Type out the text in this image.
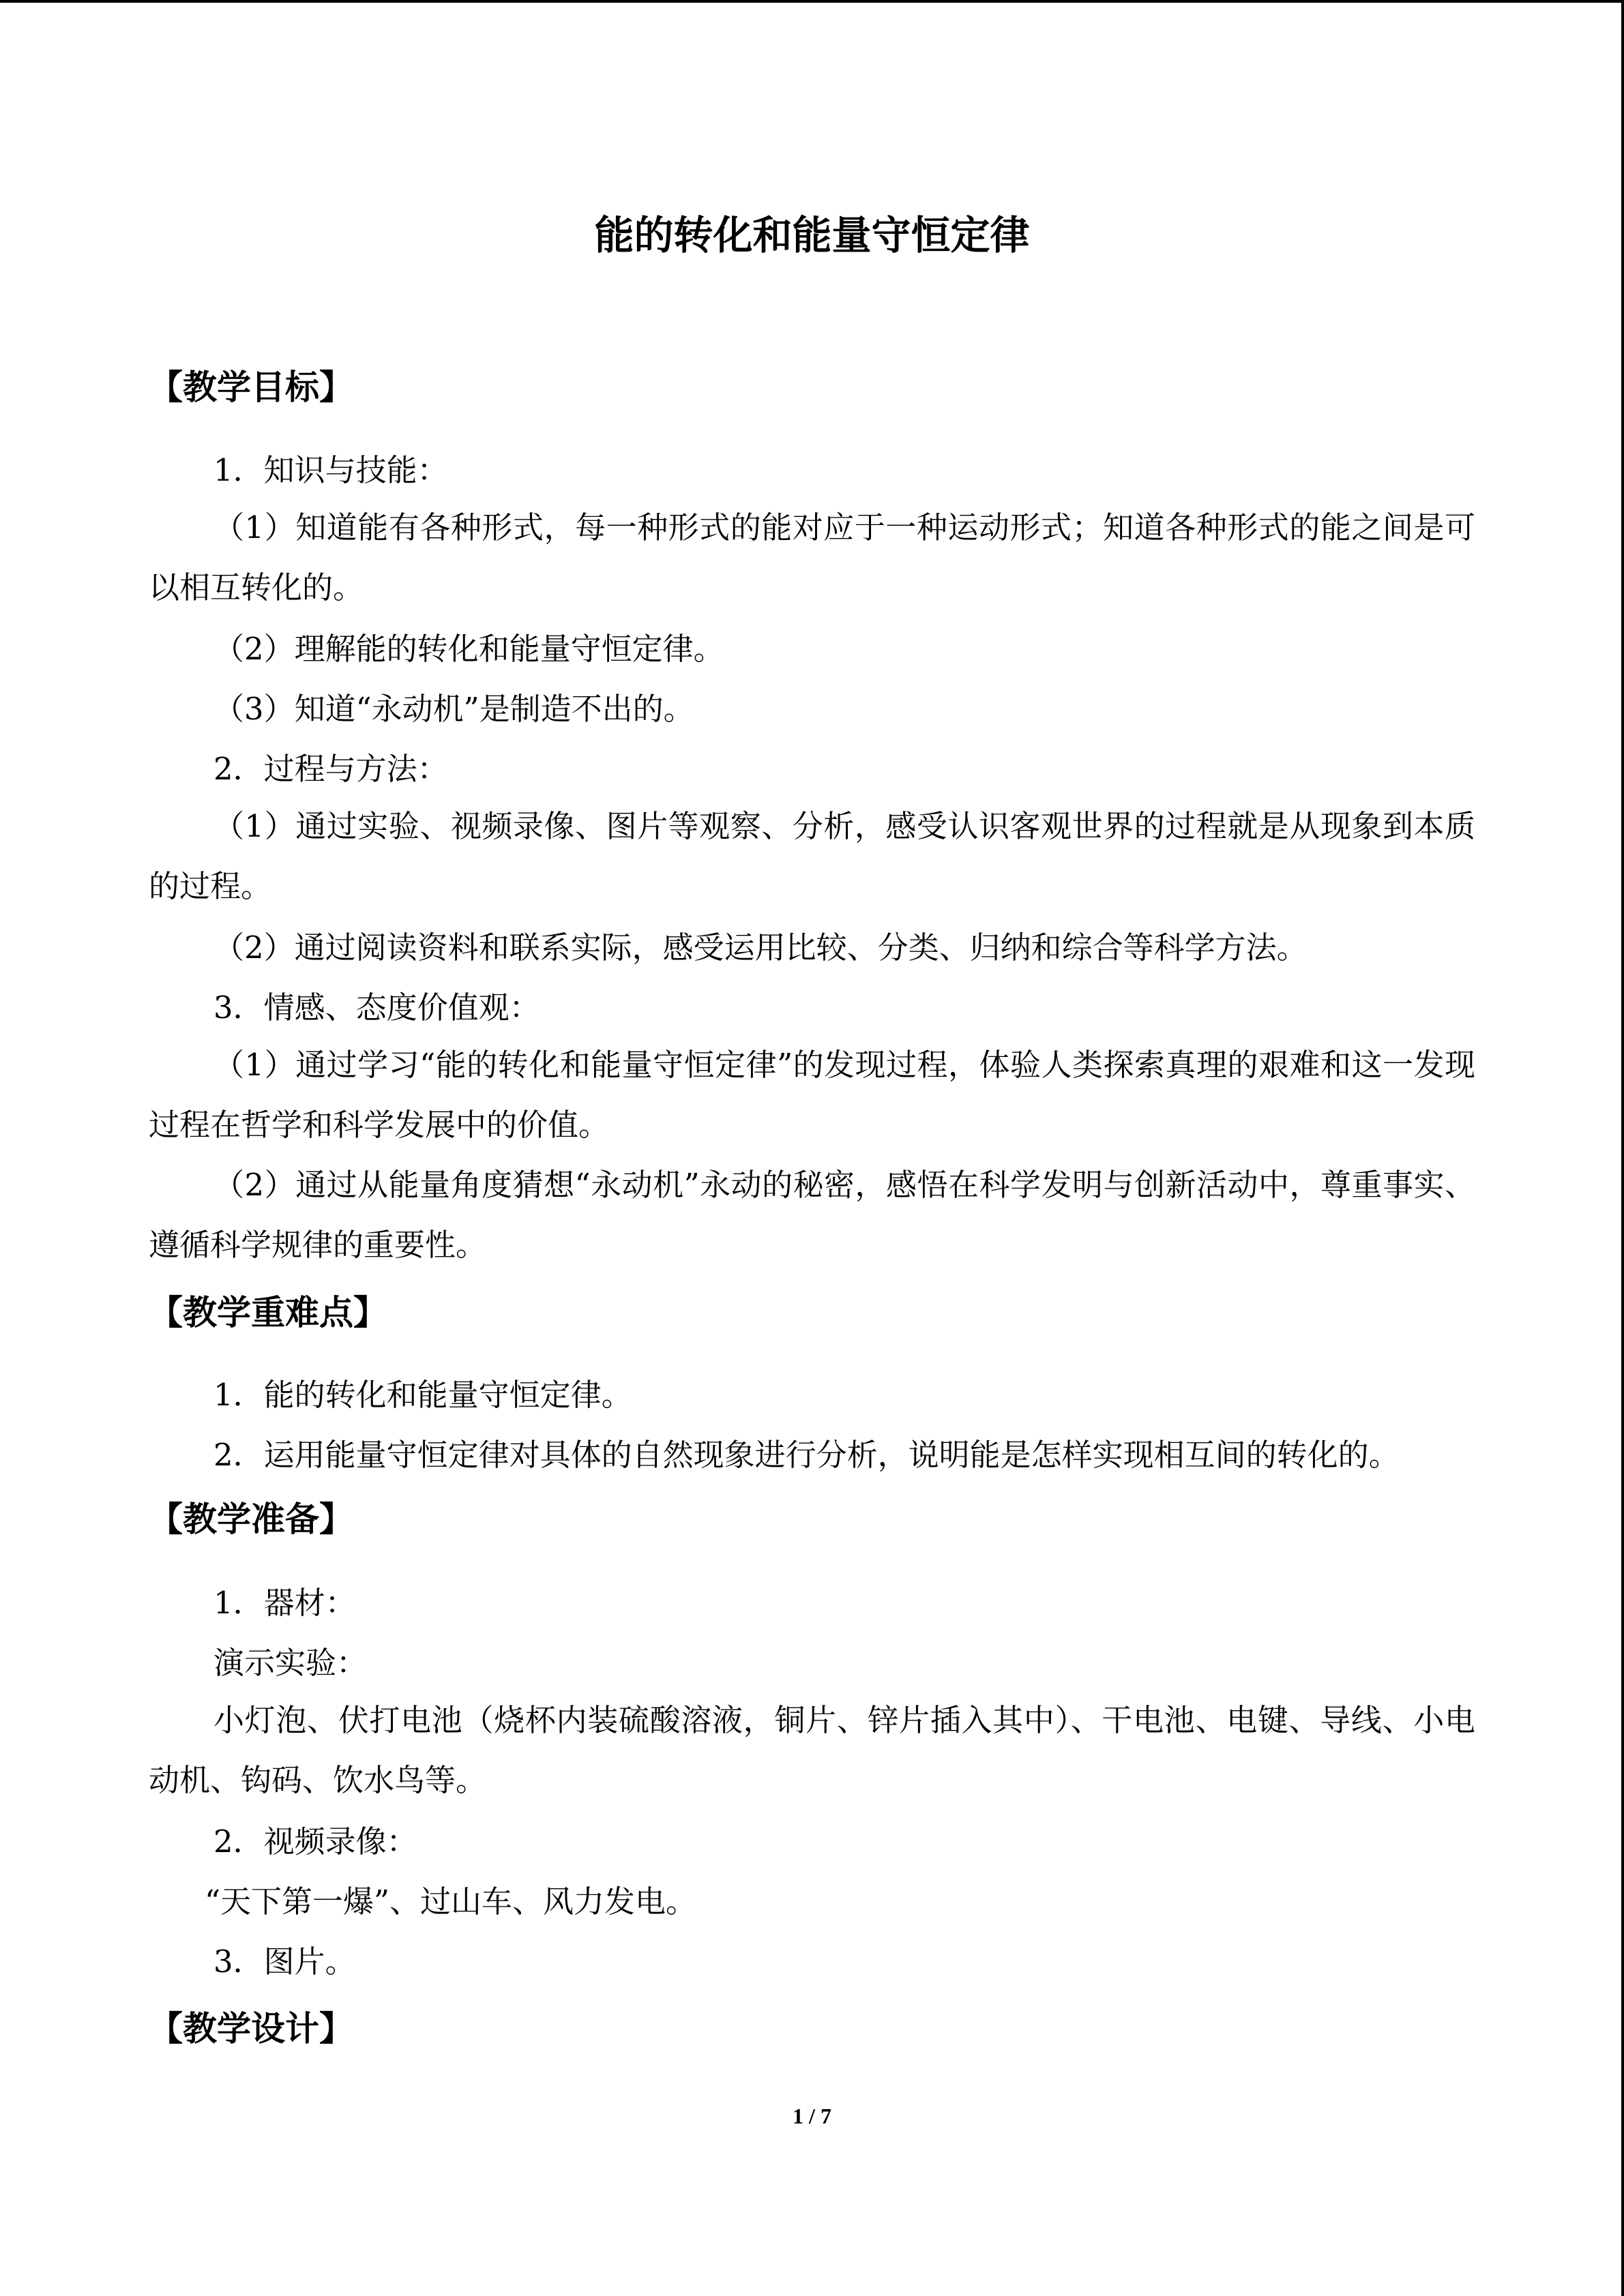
能的转化和能量守恒定律
【教学目标】

1．知识与技能：

（1）知道能有各种形式，每一种形式的能对应于一种运动形式；知道各种形式的能之间是可以相互转化的。

（2）理解能的转化和能量守恒定律。

（3）知道“永动机”是制造不出的。

2．过程与方法：

（1）通过实验、视频录像、图片等观察、分析，感受认识客观世界的过程就是从现象到本质的过程。

（2）通过阅读资料和联系实际，感受运用比较、分类、归纳和综合等科学方法。

3．情感、态度价值观：

（1）通过学习“能的转化和能量守恒定律”的发现过程，体验人类探索真理的艰难和这一发现过程在哲学和科学发展中的价值。

（2）通过从能量角度猜想“永动机”永动的秘密，感悟在科学发明与创新活动中，尊重事实、遵循科学规律的重要性。

【教学重难点】

1．能的转化和能量守恒定律。

2．运用能量守恒定律对具体的自然现象进行分析，说明能是怎样实现相互间的转化的。

【教学准备】

1．器材：

演示实验：

小灯泡、伏打电池（烧杯内装硫酸溶液，铜片、锌片插入其中）、干电池、电键、导线、小电动机、钩码、饮水鸟等。

2．视频录像：

“天下第一爆”、过山车、风力发电。

3．图片。

【教学设计】

1 / 7
